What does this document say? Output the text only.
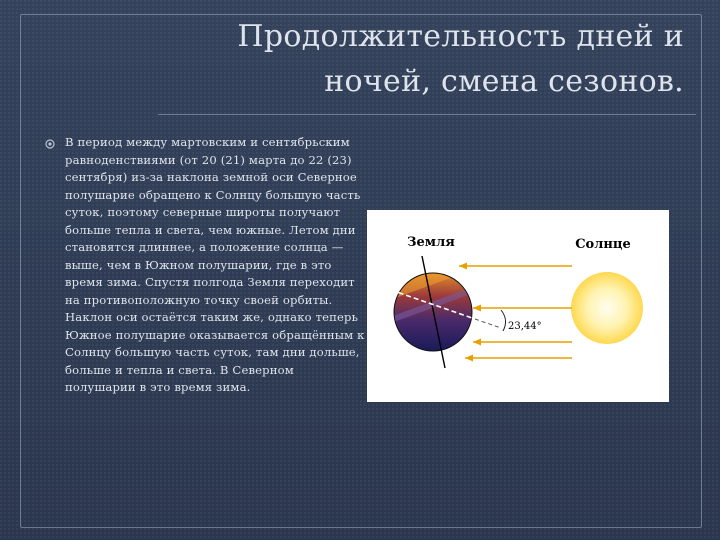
Продолжительность дней и
ночей, смена сезонов.
В период между мартовским и сентябрьским равноденствиями (от 20 (21) марта до 22 (23) сентября) из-за наклона земной оси Северное полушарие обращено к Солнцу большую часть суток, поэтому северные широты получают больше тепла и света, чем южные. Летом дни становятся длиннее, а положение солнца — выше, чем в Южном полушарии, где в это время зима. Спустя полгода Земля переходит на противоположную точку своей орбиты. Наклон оси остаётся таким же, однако теперь Южное полушарие оказывается обращённым к Солнцу большую часть суток, там дни дольше, больше и тепла и света. В Северном полушарии в это время зима.
Земля	Солнце
23,44°
